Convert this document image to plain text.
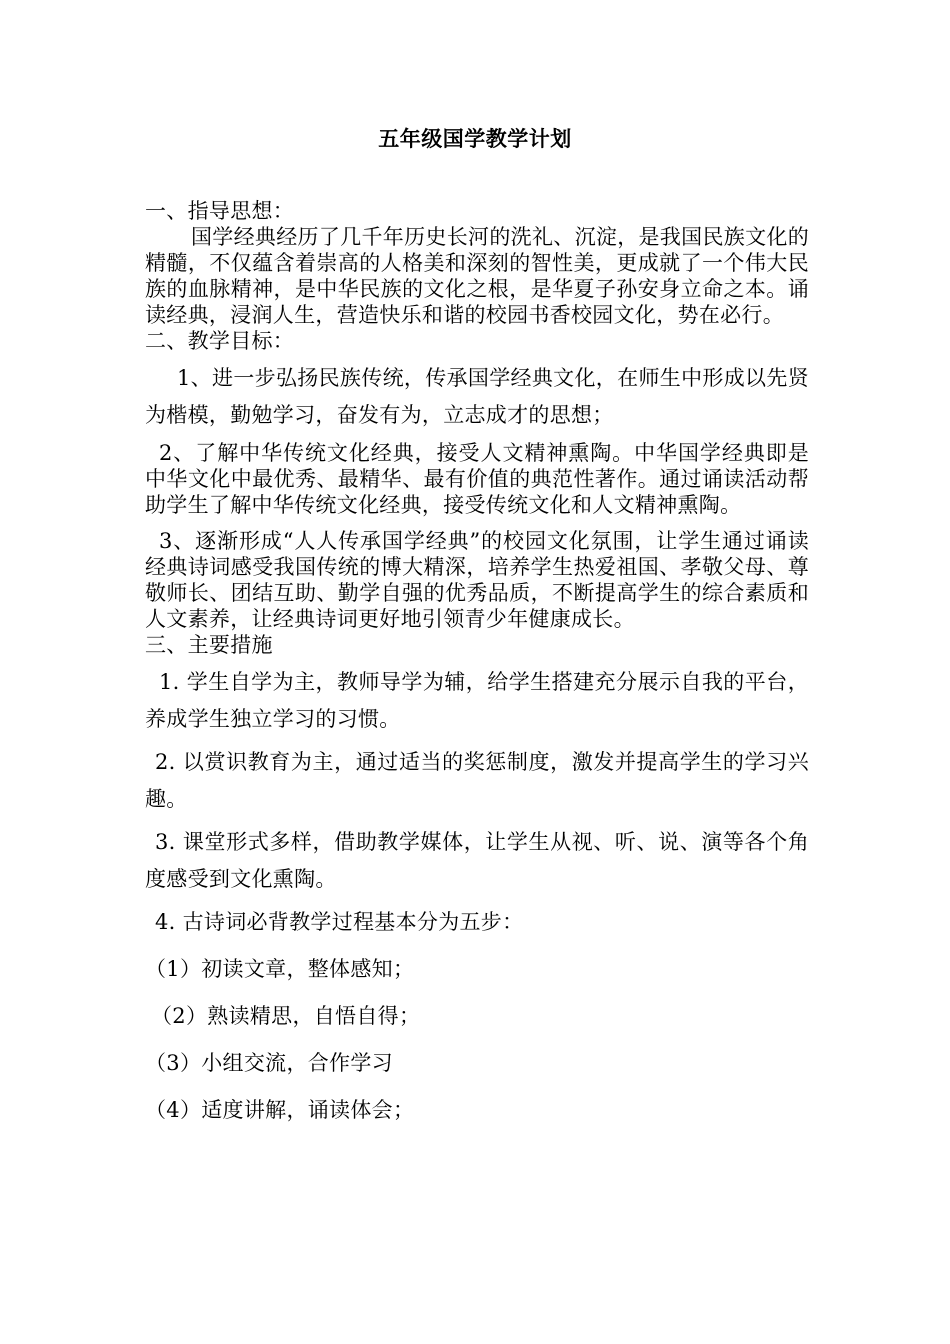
五年级国学教学计划

一、指导思想：

国学经典经历了几千年历史长河的洗礼、沉淀，是我国民族文化的精髓，不仅蕴含着崇高的人格美和深刻的智性美，更成就了一个伟大民族的血脉精神，是中华民族的文化之根，是华夏子孙安身立命之本。诵读经典，浸润人生，营造快乐和谐的校园书香校园文化，势在必行。

二、教学目标：

1、进一步弘扬民族传统，传承国学经典文化，在师生中形成以先贤为楷模，勤勉学习，奋发有为，立志成才的思想；

2、了解中华传统文化经典，接受人文精神熏陶。中华国学经典即是中华文化中最优秀、最精华、最有价值的典范性著作。通过诵读活动帮助学生了解中华传统文化经典，接受传统文化和人文精神熏陶。

3、逐渐形成“人人传承国学经典”的校园文化氛围，让学生通过诵读经典诗词感受我国传统的博大精深，培养学生热爱祖国、孝敬父母、尊敬师长、团结互助、勤学自强的优秀品质，不断提高学生的综合素质和人文素养，让经典诗词更好地引领青少年健康成长。

三、主要措施

1. 学生自学为主，教师导学为辅，给学生搭建充分展示自我的平台，养成学生独立学习的习惯。

2. 以赏识教育为主，通过适当的奖惩制度，激发并提高学生的学习兴趣。

3. 课堂形式多样，借助教学媒体，让学生从视、听、说、演等各个角度感受到文化熏陶。

4. 古诗词必背教学过程基本分为五步：

（1）初读文章，整体感知；

（2）熟读精思，自悟自得；

（3）小组交流，合作学习

（4）适度讲解，诵读体会；
